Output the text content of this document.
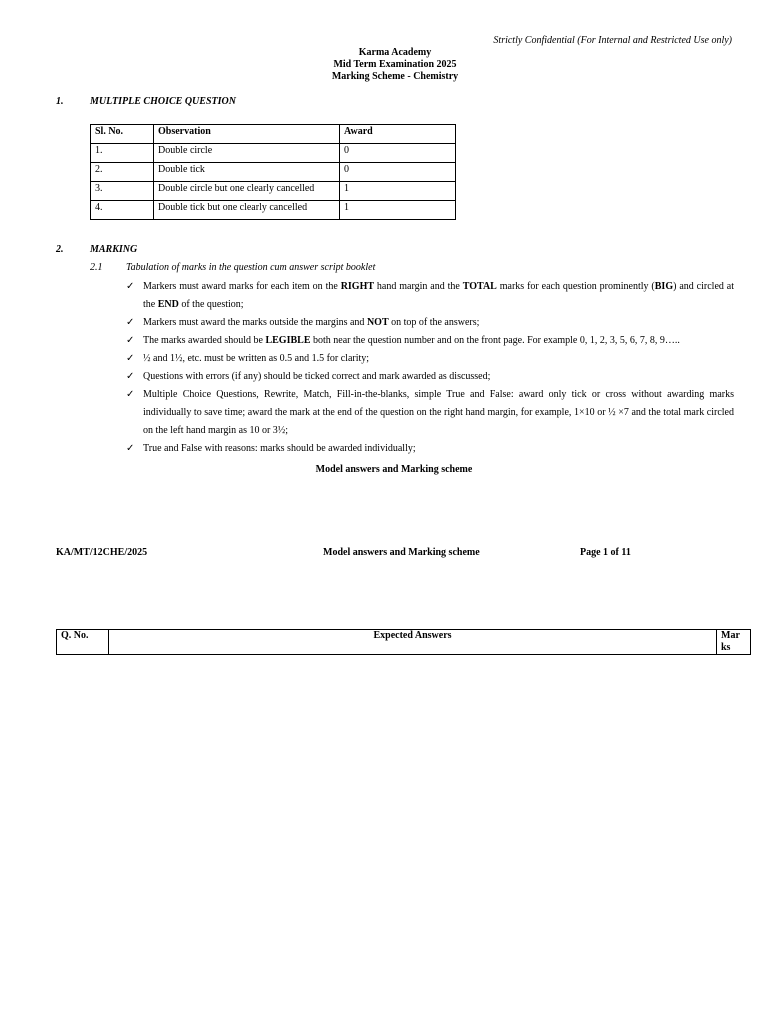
Strictly Confidential (For Internal and Restricted Use only)
Karma Academy
Mid Term Examination 2025
Marking Scheme - Chemistry
1.	MULTIPLE CHOICE QUESTION
Sl. No.	Observation	Award
1.	Double circle	0
2.	Double tick	0
3.	Double circle but one clearly cancelled	1
4.	Double tick but one clearly cancelled	1
2.	MARKING
2.1 Tabulation of marks in the question cum answer script booklet
✓ Markers must award marks for each item on the RIGHT hand margin and the TOTAL marks for each question prominently (BIG) and circled at the END of the question;
✓ Markers must award the marks outside the margins and NOT on top of the answers;
✓ The marks awarded should be LEGIBLE both near the question number and on the front page. For example 0, 1, 2, 3, 5, 6, 7, 8, 9…..
✓ ½ and 1½, etc. must be written as 0.5 and 1.5 for clarity;
✓ Questions with errors (if any) should be ticked correct and mark awarded as discussed;
✓ Multiple Choice Questions, Rewrite, Match, Fill-in-the-blanks, simple True and False: award only tick or cross without awarding marks individually to save time; award the mark at the end of the question on the right hand margin, for example, 1×10 or ½ ×7 and the total mark circled on the left hand margin as 10 or 3½;
✓ True and False with reasons: marks should be awarded individually;
Model answers and Marking scheme
KA/MT/12CHE/2025	Model answers and Marking scheme	Page 1 of 11
Q. No.	Expected Answers	Mar ks
